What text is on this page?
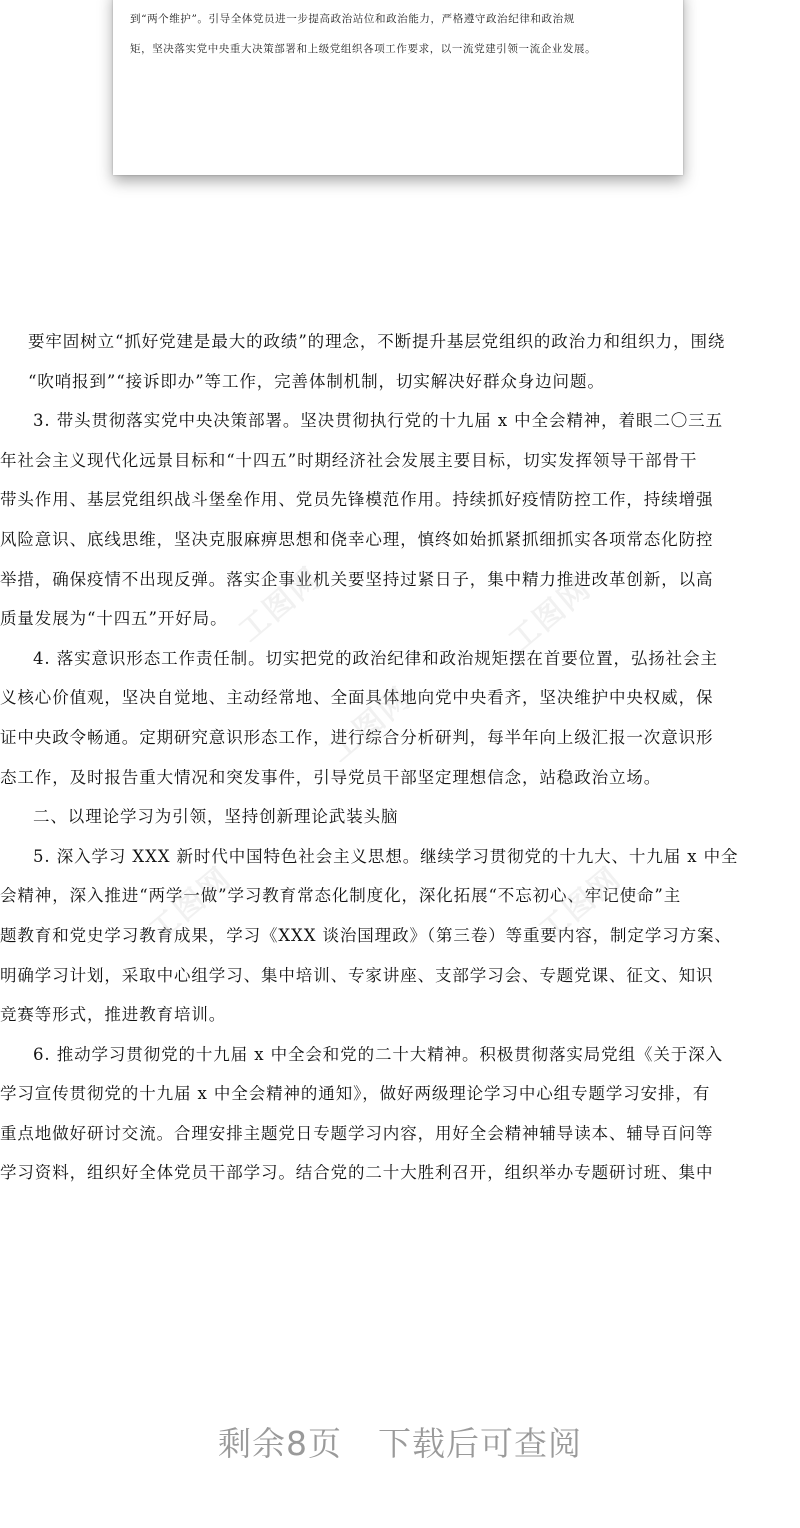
到“两个维护”。引导全体党员进一步提高政治站位和政治能力，严格遵守政治纪律和政治规
矩，坚决落实党中央重大决策部署和上级党组织各项工作要求，以一流党建引领一流企业发展。

要牢固树立“抓好党建是最大的政绩”的理念，不断提升基层党组织的政治力和组织力，围绕
“吹哨报到”“接诉即办”等工作，完善体制机制，切实解决好群众身边问题。

3. 带头贯彻落实党中央决策部署。坚决贯彻执行党的十九届 x 中全会精神，着眼二〇三五
年社会主义现代化远景目标和“十四五”时期经济社会发展主要目标，切实发挥领导干部骨干
带头作用、基层党组织战斗堡垒作用、党员先锋模范作用。持续抓好疫情防控工作，持续增强
风险意识、底线思维，坚决克服麻痹思想和侥幸心理，慎终如始抓紧抓细抓实各项常态化防控
举措，确保疫情不出现反弹。落实企事业机关要坚持过紧日子，集中精力推进改革创新，以高
质量发展为“十四五”开好局。

4. 落实意识形态工作责任制。切实把党的政治纪律和政治规矩摆在首要位置，弘扬社会主
义核心价值观，坚决自觉地、主动经常地、全面具体地向党中央看齐，坚决维护中央权威，保
证中央政令畅通。定期研究意识形态工作，进行综合分析研判，每半年向上级汇报一次意识形
态工作，及时报告重大情况和突发事件，引导党员干部坚定理想信念，站稳政治立场。

二、以理论学习为引领，坚持创新理论武装头脑

5. 深入学习 XXX 新时代中国特色社会主义思想。继续学习贯彻党的十九大、十九届 x 中全
会精神，深入推进“两学一做”学习教育常态化制度化，深化拓展“不忘初心、牢记使命”主
题教育和党史学习教育成果，学习《XXX 谈治国理政》（第三卷）等重要内容，制定学习方案、
明确学习计划，采取中心组学习、集中培训、专家讲座、支部学习会、专题党课、征文、知识
竞赛等形式，推进教育培训。

6. 推动学习贯彻党的十九届 x 中全会和党的二十大精神。积极贯彻落实局党组《关于深入
学习宣传贯彻党的十九届 x 中全会精神的通知》，做好两级理论学习中心组专题学习安排，有
重点地做好研讨交流。合理安排主题党日专题学习内容，用好全会精神辅导读本、辅导百问等
学习资料，组织好全体党员干部学习。结合党的二十大胜利召开，组织举办专题研讨班、集中

工图网
工图网
工图网
工图网	工图网
剩余8页 下载后可查阅
